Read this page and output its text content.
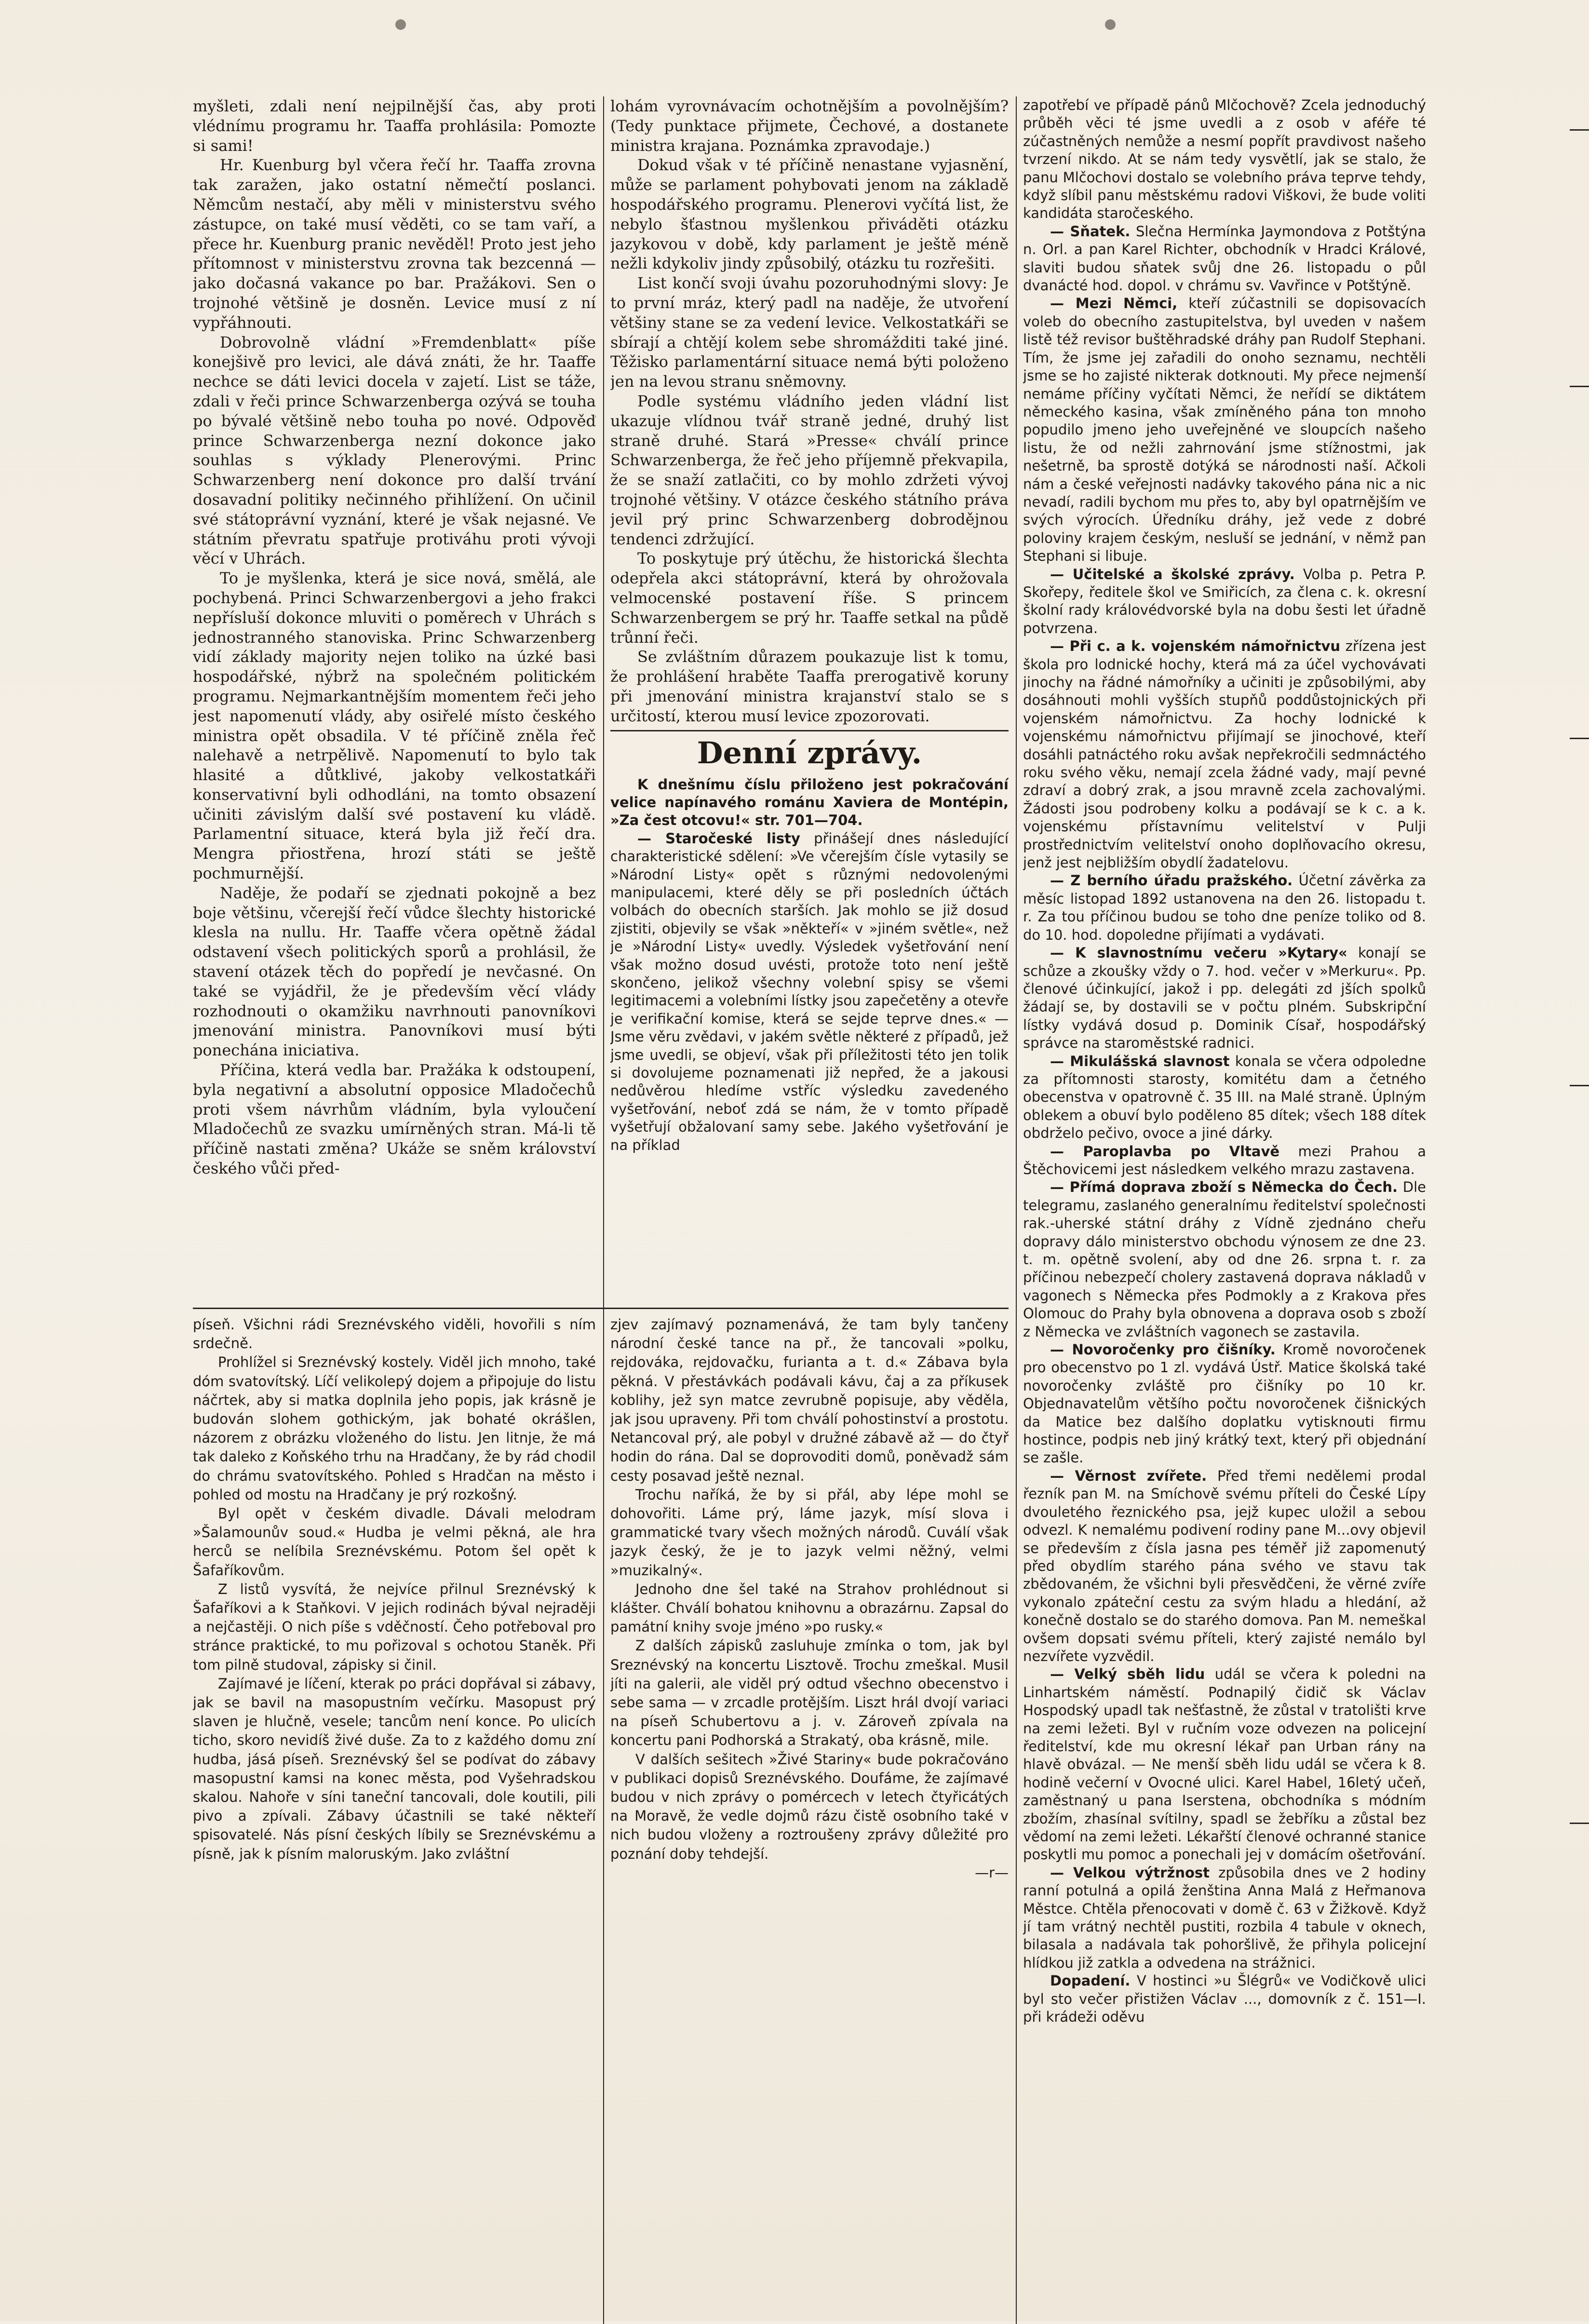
myšleti, zdali není nejpilnější čas, aby proti vlédnímu programu hr. Taaffa prohlásila: Pomozte si sami!

Hr. Kuenburg byl včera řečí hr. Taaffa zrovna tak zaražen, jako ostatní němečtí poslanci. Němcům nestačí, aby měli v ministerstvu svého zástupce, on také musí věděti, co se tam vaří, a přece hr. Kuenburg pranic nevěděl! Proto jest jeho přítomnost v ministerstvu zrovna tak bezcenná — jako dočasná vakance po bar. Pražákovi. Sen o trojnohé většině je dosněn. Levice musí z ní vypřáhnouti.

Dobrovolně vládní »Fremdenblatt« píše konejšivě pro levici, ale dává znáti, že hr. Taaffe nechce se dáti levici docela v zajetí. List se táže, zdali v řeči prince Schwarzenberga ozývá se touha po bývalé většině nebo touha po nové. Odpověď prince Schwarzenberga nezní dokonce jako souhlas s výklady Plenerovými. Princ Schwarzenberg není dokonce pro další trvání dosavadní politiky nečinného přihlížení. On učinil své státoprávní vyznání, které je však nejasné. Ve státním převratu spatřuje protiváhu proti vývoji věcí v Uhrách.

To je myšlenka, která je sice nová, smělá, ale pochybená. Princi Schwarzenbergovi a jeho frakci nepřísluší dokonce mluviti o poměrech v Uhrách s jednostranného stanoviska. Princ Schwarzenberg vidí základy majority nejen toliko na úzké basi hospodářské, nýbrž na společném politickém programu. Nejmarkantnějším momentem řeči jeho jest napomenutí vlády, aby osiřelé místo českého ministra opět obsadila. V té příčině zněla řeč nalehavě a netrpělivě. Napomenutí to bylo tak hlasité a důtklivé, jakoby velkostatkáři konservativní byli odhodláni, na tomto obsazení učiniti závislým další své postavení ku vládě. Parlamentní situace, která byla již řečí dra. Mengra přiostřena, hrozí státi se ještě pochmurnější.

Naděje, že podaří se zjednati pokojně a bez boje většinu, včerejší řečí vůdce šlechty historické klesla na nullu. Hr. Taaffe včera opětně žádal odstavení všech politických sporů a prohlásil, že stavení otázek těch do popředí je nevčasné. On také se vyjádřil, že je především věcí vlády rozhodnouti o okamžiku navrhnouti panovníkovi jmenování ministra. Panovníkovi musí býti ponechána iniciativa.

Příčina, která vedla bar. Pražáka k odstoupení, byla negativní a absolutní opposice Mladočechů proti všem návrhům vládním, byla vyloučení Mladočechů ze svazku umírněných stran. Má-li tě příčině nastati změna? Ukáže se sněm království českého vůči před-

lohám vyrovnávacím ochotnějším a povolnějším? (Tedy punktace přijmete, Čechové, a dostanete ministra krajana. Poznámka zpravodaje.)

Dokud však v té příčině nenastane vyjasnění, může se parlament pohybovati jenom na základě hospodářského programu. Plenerovi vyčítá list, že nebylo šťastnou myšlenkou přiváděti otázku jazykovou v době, kdy parlament je ještě méně nežli kdykoliv jindy způsobilý, otázku tu rozřešiti.

List končí svoji úvahu pozoruhodnými slovy: Je to první mráz, který padl na naděje, že utvoření většiny stane se za vedení levice. Velkostatkáři se sbírají a chtějí kolem sebe shromážditi také jiné. Těžisko parlamentární situace nemá býti položeno jen na levou stranu sněmovny.

Podle systému vládního jeden vládní list ukazuje vlídnou tvář straně jedné, druhý list straně druhé. Stará »Presse« chválí prince Schwarzenberga, že řeč jeho příjemně překvapila, že se snaží zatlačiti, co by mohlo zdržeti vývoj trojnohé většiny. V otázce českého státního práva jevil prý princ Schwarzenberg dobrodějnou tendenci zdržující.

To poskytuje prý útěchu, že historická šlechta odepřela akci státoprávní, která by ohrožovala velmocenské postavení říše. S princem Schwarzenbergem se prý hr. Taaffe setkal na půdě trůnní řeči.

Se zvláštním důrazem poukazuje list k tomu, že prohlášení hraběte Taaffa prerogativě koruny při jmenování ministra krajanství stalo se s určitostí, kterou musí levice zpozorovati.

Denní zprávy.

K dnešnímu číslu přiloženo jest pokračování velice napínavého románu Xaviera de Montépin, »Za čest otcovu!« str. 701—704.

— Staročeské listy přinášejí dnes následující charakteristické sdělení: »Ve včerejším čísle vytasily se »Národní Listy« opět s různými nedovolenými manipulacemi, které děly se při posledních účtách volbách do obecních starších. Jak mohlo se již dosud zjistiti, objevily se však »někteří« v »jiném světle«, než je »Národní Listy« uvedly. Výsledek vyšetřování není však možno dosud uvésti, protože toto není ještě skončeno, jelikož všechny volební spisy se všemi legitimacemi a volebními lístky jsou zapečetěny a otevře je verifikační komise, která se sejde teprve dnes.« — Jsme věru zvědavi, v jakém světle některé z případů, jež jsme uvedli, se objeví, však při příležitosti této jen tolik si dovolujeme poznamenati již nepřed, že a jakousi nedůvěrou hledíme vstříc výsledku zavedeného vyšetřování, neboť zdá se nám, že v tomto případě vyšetřují obžalovaní samy sebe. Jakého vyšetřování je na příklad

zapotřebí ve případě pánů Mlčochově? Zcela jednoduchý průběh věci té jsme uvedli a z osob v aféře té zúčastněných nemůže a nesmí popřít pravdivost našeho tvrzení nikdo. At se nám tedy vysvětlí, jak se stalo, že panu Mlčochovi dostalo se volebního práva teprve tehdy, když slíbil panu městskému radovi Viškovi, že bude voliti kandidáta staročeského.

— Sňatek. Slečna Hermínka Jaymondova z Potštýna n. Orl. a pan Karel Richter, obchodník v Hradci Králové, slaviti budou sňatek svůj dne 26. listopadu o půl dvanácté hod. dopol. v chrámu sv. Vavřince v Potštýně.

— Mezi Němci, kteří zúčastnili se dopisovacích voleb do obecního zastupitelstva, byl uveden v našem listě též revisor buštěhradské dráhy pan Rudolf Stephani. Tím, že jsme jej zařadili do onoho seznamu, nechtěli jsme se ho zajisté nikterak dotknouti. My přece nejmenší nemáme příčiny vyčítati Němci, že neřídí se diktátem německého kasina, však zmíněného pána ton mnoho popudilo jmeno jeho uveřejněné ve sloupcích našeho listu, že od nežli zahrnování jsme stížnostmi, jak nešetrně, ba sprostě dotýká se národnosti naší. Ačkoli nám a české veřejnosti nadávky takového pána nic a nic nevadí, radili bychom mu přes to, aby byl opatrnějším ve svých výrocích. Úředníku dráhy, jež vede z dobré poloviny krajem českým, nesluší se jednání, v němž pan Stephani si libuje.

— Učitelské a školské zprávy. Volba p. Petra P. Skořepy, ředitele škol ve Smiřicích, za člena c. k. okresní školní rady královédvorské byla na dobu šesti let úřadně potvrzena.

— Při c. a k. vojenském námořnictvu zřízena jest škola pro lodnické hochy, která má za účel vychovávati jinochy na řádné námořníky a učiniti je způsobilými, aby dosáhnouti mohli vyšších stupňů poddůstojnických při vojenském námořnictvu. Za hochy lodnické k vojenskému námořnictvu přijímají se jinochové, kteří dosáhli patnáctého roku avšak nepřekročili sedmnáctého roku svého věku, nemají zcela žádné vady, mají pevné zdraví a dobrý zrak, a jsou mravně zcela zachovalými. Žádosti jsou podrobeny kolku a podávají se k c. a k. vojenskému přístavnímu velitelství v Pulji prostřednictvím velitelství onoho doplňovacího okresu, jenž jest nejbližším obydlí žadatelovu.

— Z berního úřadu pražského. Účetní závěrka za měsíc listopad 1892 ustanovena na den 26. listopadu t. r. Za tou příčinou budou se toho dne peníze toliko od 8. do 10. hod. dopoledne přijímati a vydávati.

— K slavnostnímu večeru »Kytary« konají se schůze a zkoušky vždy o 7. hod. večer v »Merkuru«. Pp. členové účinkující, jakož i pp. delegáti zd jších spolků žádají se, by dostavili se v počtu plném. Subskripční lístky vydává dosud p. Dominik Císař, hospodářský správce na staroměstské radnici.

— Mikulášská slavnost konala se včera odpoledne za přítomnosti starosty, komitétu dam a četného obecenstva v opatrovně č. 35 III. na Malé straně. Úplným oblekem a obuví bylo poděleno 85 dítek; všech 188 dítek obdrželo pečivo, ovoce a jiné dárky.

— Paroplavba po Vltavě mezi Prahou a Štěchovicemi jest následkem velkého mrazu zastavena.

— Přímá doprava zboží s Německa do Čech. Dle telegramu, zaslaného generalnímu ředitelství společnosti rak.-uherské státní dráhy z Vídně zjednáno cheřu dopravy dálo ministerstvo obchodu výnosem ze dne 23. t. m. opětně svolení, aby od dne 26. srpna t. r. za příčinou nebezpečí cholery zastavená doprava nákladů v vagonech s Německa přes Podmokly a z Krakova přes Olomouc do Prahy byla obnovena a doprava osob s zboží z Německa ve zvláštních vagonech se zastavila.

— Novoročenky pro čišníky. Kromě novoročenek pro obecenstvo po 1 zl. vydává Ústř. Matice školská také novoročenky zvláště pro čišníky po 10 kr. Objednavatelům většího počtu novoročenek čišnických da Matice bez dalšího doplatku vytisknouti firmu hostince, podpis neb jiný krátký text, který při objednání se zašle.

— Věrnost zvířete. Před třemi nedělemi prodal řezník pan M. na Smíchově svému příteli do České Lípy dvouletého řeznického psa, jejž kupec uložil a sebou odvezl. K nemalému podivení rodiny pane M...ovy objevil se především z čísla jasna pes téměř již zapomenutý před obydlím starého pána svého ve stavu tak zbědovaném, že všichni byli přesvědčeni, že věrné zvíře vykonalo zpáteční cestu za svým hladu a hledání, až konečně dostalo se do starého domova. Pan M. nemeškal ovšem dopsati svému příteli, který zajisté nemálo byl nezvířete vyzvědil.

— Velký sběh lidu udál se včera k poledni na Linhartském náměstí. Podnapilý čidič sk Václav Hospodský upadl tak nešťastně, že zůstal v tratolišti krve na zemi ležeti. Byl v ručním voze odvezen na policejní ředitelství, kde mu okresní lékař pan Urban rány na hlavě obvázal. — Ne menší sběh lidu udál se včera k 8. hodině večerní v Ovocné ulici. Karel Habel, 16letý učeň, zaměstnaný u pana Iserstena, obchodníka s módním zbožím, zhasínal svítilny, spadl se žebříku a zůstal bez vědomí na zemi ležeti. Lékařští členové ochranné stanice poskytli mu pomoc a ponechali jej v domácím ošetřování.

— Velkou výtržnost způsobila dnes ve 2 hodiny ranní potulná a opilá ženština Anna Malá z Heřmanova Městce. Chtěla přenocovati v domě č. 63 v Žižkově. Když jí tam vrátný nechtěl pustiti, rozbila 4 tabule v oknech, bilasala a nadávala tak pohoršlivě, že přihyla policejní hlídkou již zatkla a odvedena na strážnici.

Dopadení. V hostinci »u Šlégrů« ve Vodičkově ulici byl sto večer přistižen Václav ..., domovník z č. 151—I. při krádeži oděvu

píseň. Všichni rádi Sreznévského viděli, hovořili s ním srdečně.

Prohlížel si Sreznévský kostely. Viděl jich mnoho, také dóm svatovítský. Líčí velikolepý dojem a připojuje do listu náčrtek, aby si matka doplnila jeho popis, jak krásně je budován slohem gothickým, jak bohaté okrášlen, názorem z obrázku vloženého do listu. Jen litnje, že má tak daleko z Koňského trhu na Hradčany, že by rád chodil do chrámu svatovítského. Pohled s Hradčan na město i pohled od mostu na Hradčany je prý rozkošný.

Byl opět v českém divadle. Dávali melodram »Šalamounův soud.« Hudba je velmi pěkná, ale hra herců se nelíbila Sreznévskému. Potom šel opět k Šafaříkovům.

Z listů vysvítá, že nejvíce přilnul Sreznévský k Šafaříkovi a k Staňkovi. V jejich rodinách býval nejraději a nejčastěji. O nich píše s vděčností. Čeho potřeboval pro stránce praktické, to mu pořizoval s ochotou Staněk. Při tom pilně studoval, zápisky si činil.

Zajímavé je líčení, kterak po práci dopřával si zábavy, jak se bavil na masopustním večírku. Masopust prý slaven je hlučně, vesele; tancům není konce. Po ulicích ticho, skoro nevidíš živé duše. Za to z každého domu zní hudba, jásá píseň. Sreznévský šel se podívat do zábavy masopustní kamsi na konec města, pod Vyšehradskou skalou. Nahoře v síni taneční tancovali, dole koutili, pili pivo a zpívali. Zábavy účastnili se také někteří spisovatelé. Nás písní českých líbily se Sreznévskému a písně, jak k písním maloruským. Jako zvláštní

zjev zajímavý poznamenává, že tam byly tančeny národní české tance na př., že tancovali »polku, rejdováka, rejdovačku, furianta a t. d.« Zábava byla pěkná. V přestávkách podávali kávu, čaj a za příkusek koblihy, jež syn matce zevrubně popisuje, aby věděla, jak jsou upraveny. Při tom chválí pohostinství a prostotu. Netancoval prý, ale pobyl v družné zábavě až — do čtyř hodin do rána. Dal se doprovoditi domů, poněvadž sám cesty posavad ještě neznal.

Trochu naříká, že by si přál, aby lépe mohl se dohovořiti. Láme prý, láme jazyk, mísí slova i grammatické tvary všech možných národů. Cuválí však jazyk český, že je to jazyk velmi něžný, velmi »muzikalný«.

Jednoho dne šel také na Strahov prohlédnout si klášter. Chválí bohatou knihovnu a obrazárnu. Zapsal do památní knihy svoje jméno »po rusky.«

Z dalších zápisků zasluhuje zmínka o tom, jak byl Sreznévský na koncertu Lisztově. Trochu zmeškal. Musil jíti na galerii, ale viděl prý odtud všechno obecenstvo i sebe sama — v zrcadle protějším. Liszt hrál dvojí variaci na píseň Schubertovu a j. v. Zároveň zpívala na koncertu pani Podhorská a Strakatý, oba krásně, mile.

V dalších sešitech »Živé Stariny« bude pokračováno v publikaci dopisů Sreznévského. Doufáme, že zajímavé budou v nich zprávy o pomércech v letech čtyřicátých na Moravě, že vedle dojmů rázu čistě osobního také v nich budou vloženy a roztroušeny zprávy důležité pro poznání doby tehdejší.

—r—
